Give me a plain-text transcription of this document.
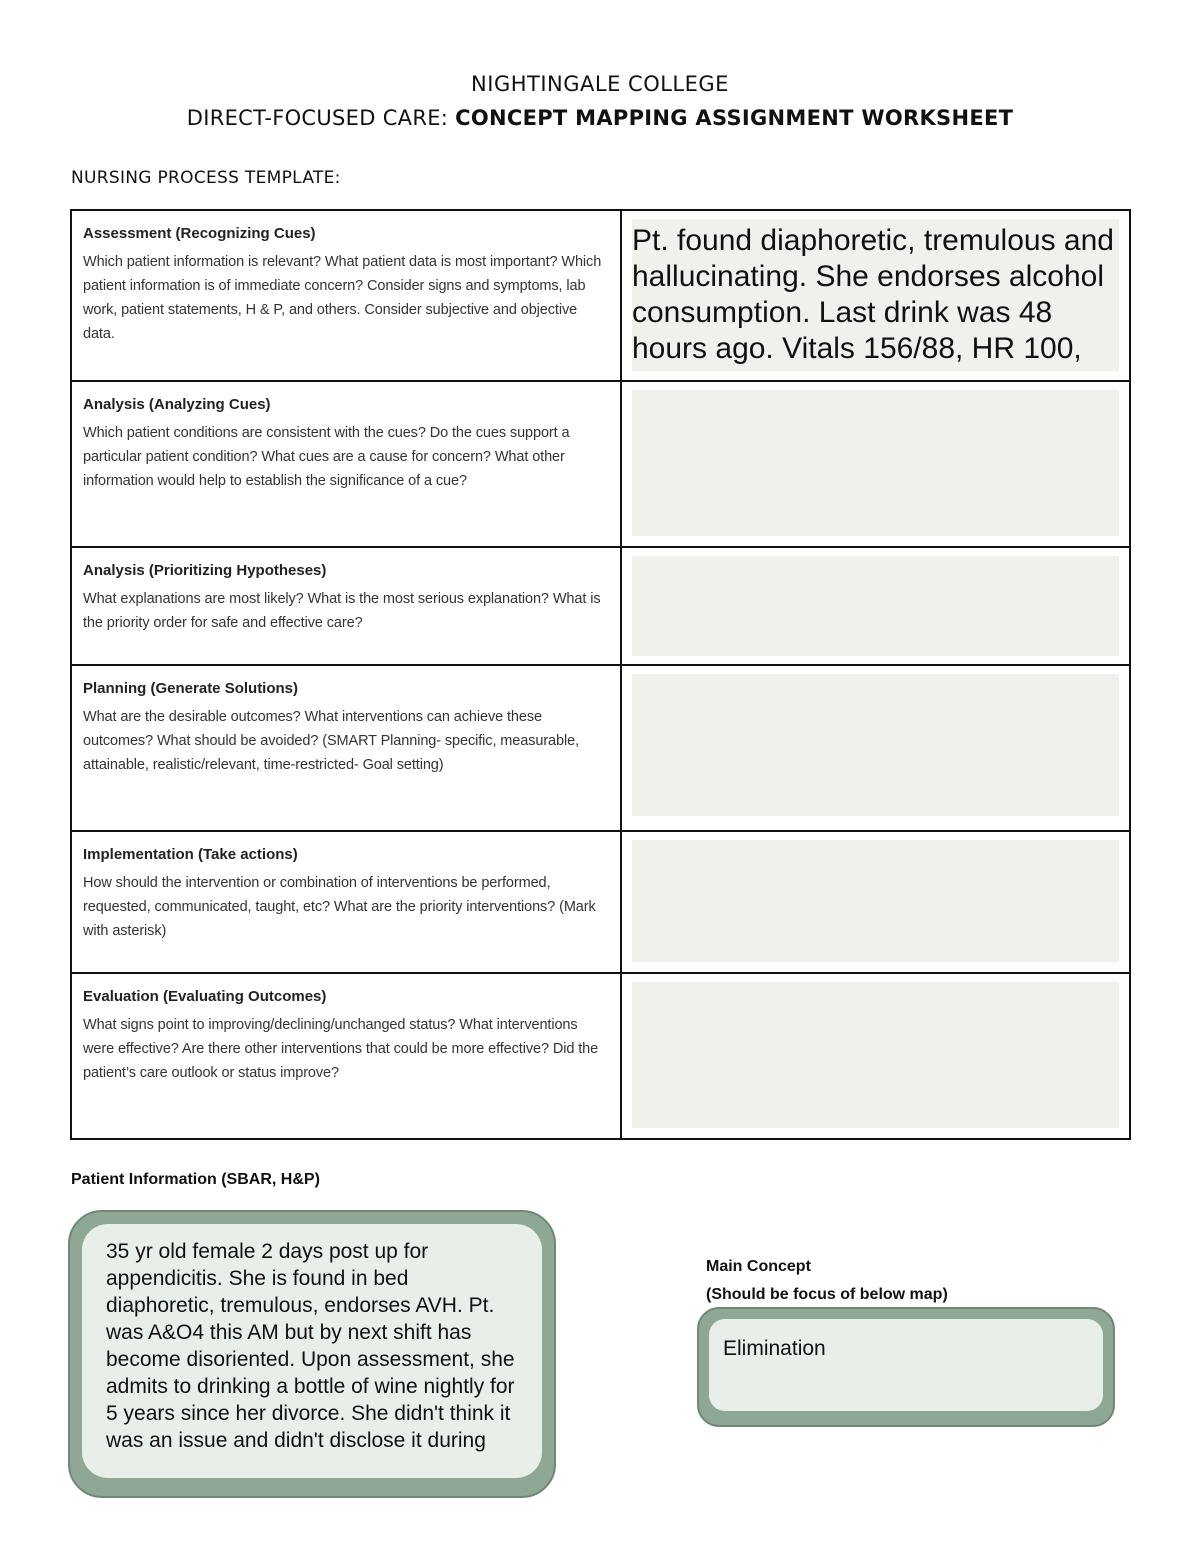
NIGHTINGALE COLLEGE
DIRECT-FOCUSED CARE: CONCEPT MAPPING ASSIGNMENT WORKSHEET
NURSING PROCESS TEMPLATE:
Assessment (Recognizing Cues)
Which patient information is relevant? What patient data is most important? Which patient information is of immediate concern? Consider signs and symptoms, lab work, patient statements, H & P, and others. Consider subjective and objective data.	Pt. found diaphoretic, tremulous and hallucinating. She endorses alcohol consumption. Last drink was 48 hours ago. Vitals 156/88, HR 100,

Analysis (Analyzing Cues)
Which patient conditions are consistent with the cues? Do the cues support a particular patient condition? What cues are a cause for concern? What other information would help to establish the significance of a cue?	

Analysis (Prioritizing Hypotheses)
What explanations are most likely? What is the most serious explanation? What is the priority order for safe and effective care?	

Planning (Generate Solutions)
What are the desirable outcomes? What interventions can achieve these outcomes? What should be avoided? (SMART Planning- specific, measurable, attainable, realistic/relevant, time-restricted- Goal setting)	

Implementation (Take actions)
How should the intervention or combination of interventions be performed, requested, communicated, taught, etc? What are the priority interventions? (Mark with asterisk)	

Evaluation (Evaluating Outcomes)
What signs point to improving/declining/unchanged status? What interventions were effective? Are there other interventions that could be more effective? Did the patient’s care outlook or status improve?	

Patient Information (SBAR, H&P)
35 yr old female 2 days post up for appendicitis. She is found in bed diaphoretic, tremulous, endorses AVH. Pt. was A&O4 this AM but by next shift has become disoriented. Upon assessment, she admits to drinking a bottle of wine nightly for 5 years since her divorce. She didn't think it was an issue and didn't disclose it during
Main Concept
(Should be focus of below map)
Elimination
